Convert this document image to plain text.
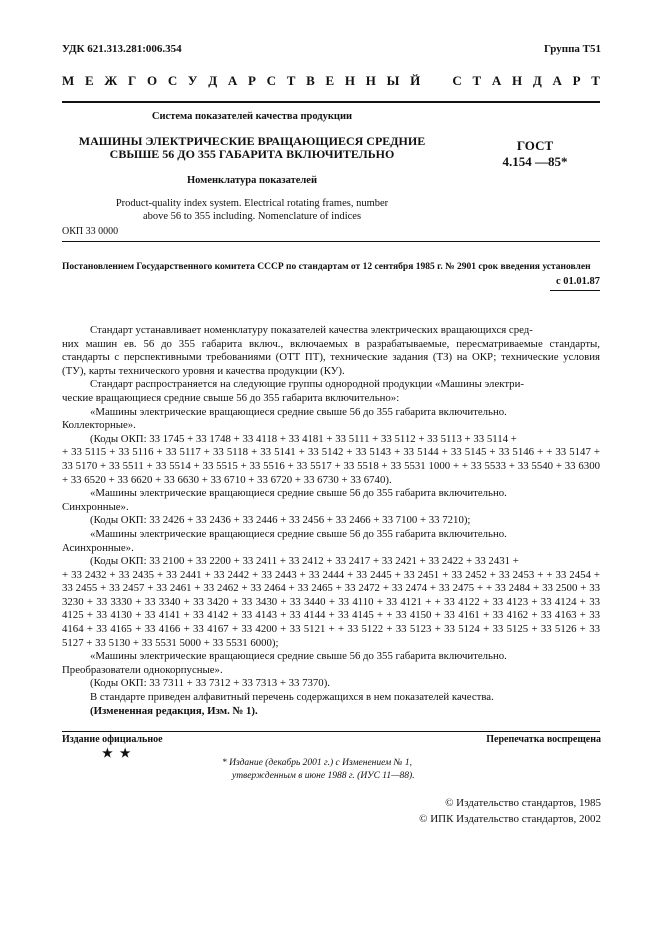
УДК 621.313.281:006.354	Группа Т51
М Е Ж Г О С У Д А Р С Т В Е Н Н Ы Й С Т А Н Д А Р Т
Система показателей качества продукции
МАШИНЫ ЭЛЕКТРИЧЕСКИЕ ВРАЩАЮЩИЕСЯ СРЕДНИЕ
СВЫШЕ 56 ДО 355 ГАБАРИТА ВКЛЮЧИТЕЛЬНО
ГОСТ
4.154 —85*
Номенклатура показателей
Product-quality index system. Electrical rotating frames, number
above 56 to 355 including. Nomenclature of indices
ОКП 33 0000
Постановлением Государственного комитета СССР по стандартам от 12 сентября 1985 г. № 2901 срок введения установлен
с 01.01.87

Стандарт устанавливает номенклатуру показателей качества электрических вращающихся сред-

них машин ев. 56 до 355 габарита включ., включаемых в разрабатываемые, пересматриваемые стандарты, стандарты с перспективными требованиями (ОТТ ПТ), технические задания (ТЗ) на ОКР; технические условия (ТУ), карты технического уровня и качества продукции (КУ).

Стандарт распространяется на следующие группы однородной продукции «Машины электри-

ческие вращающиеся средние свыше 56 до 355 габарита включительно»:

«Машины электрические вращающиеся средние свыше 56 до 355 габарита включительно.

Коллекторные».

(Коды ОКП: 33 1745 + 33 1748 + 33 4118 + 33 4181 + 33 5111 + 33 5112 + 33 5113 + 33 5114 +

+ 33 5115 + 33 5116 + 33 5117 + 33 5118 + 33 5141 + 33 5142 + 33 5143 + 33 5144 + 33 5145 + 33 5146 + + 33 5147 + 33 5170 + 33 5511 + 33 5514 + 33 5515 + 33 5516 + 33 5517 + 33 5518 + 33 5531 1000 + + 33 5533 + 33 5540 + 33 6300 + 33 6520 + 33 6620 + 33 6630 + 33 6710 + 33 6720 + 33 6730 + 33 6740).

«Машины электрические вращающиеся средние свыше 56 до 355 габарита включительно.

Синхронные».

(Коды ОКП: 33 2426 + 33 2436 + 33 2446 + 33 2456 + 33 2466 + 33 7100 + 33 7210);

«Машины электрические вращающиеся средние свыше 56 до 355 габарита включительно.

Асинхронные».

(Коды ОКП: 33 2100 + 33 2200 + 33 2411 + 33 2412 + 33 2417 + 33 2421 + 33 2422 + 33 2431 +

+ 33 2432 + 33 2435 + 33 2441 + 33 2442 + 33 2443 + 33 2444 + 33 2445 + 33 2451 + 33 2452 + 33 2453 + + 33 2454 + 33 2455 + 33 2457 + 33 2461 + 33 2462 + 33 2464 + 33 2465 + 33 2472 + 33 2474 + 33 2475 + + 33 2484 + 33 2500 + 33 3230 + 33 3330 + 33 3340 + 33 3420 + 33 3430 + 33 3440 + 33 4110 + 33 4121 + + 33 4122 + 33 4123 + 33 4124 + 33 4125 + 33 4130 + 33 4141 + 33 4142 + 33 4143 + 33 4144 + 33 4145 + + 33 4150 + 33 4161 + 33 4162 + 33 4163 + 33 4164 + 33 4165 + 33 4166 + 33 4167 + 33 4200 + 33 5121 + + 33 5122 + 33 5123 + 33 5124 + 33 5125 + 33 5126 + 33 5127 + 33 5130 + 33 5531 5000 + 33 5531 6000);

«Машины электрические вращающиеся средние свыше 56 до 355 габарита включительно.

Преобразователи однокорпусные».

(Коды ОКП: 33 7311 + 33 7312 + 33 7313 + 33 7370).

В стандарте приведен алфавитный перечень содержащихся в нем показателей качества.

(Измененная редакция, Изм. № 1).

Издание официальное	Перепечатка воспрещена
★ ★
* Издание (декабрь 2001 г.) с Изменением № 1,
утвержденным в июне 1988 г. (ИУС 11—88).
© Издательство стандартов, 1985
© ИПК Издательство стандартов, 2002
